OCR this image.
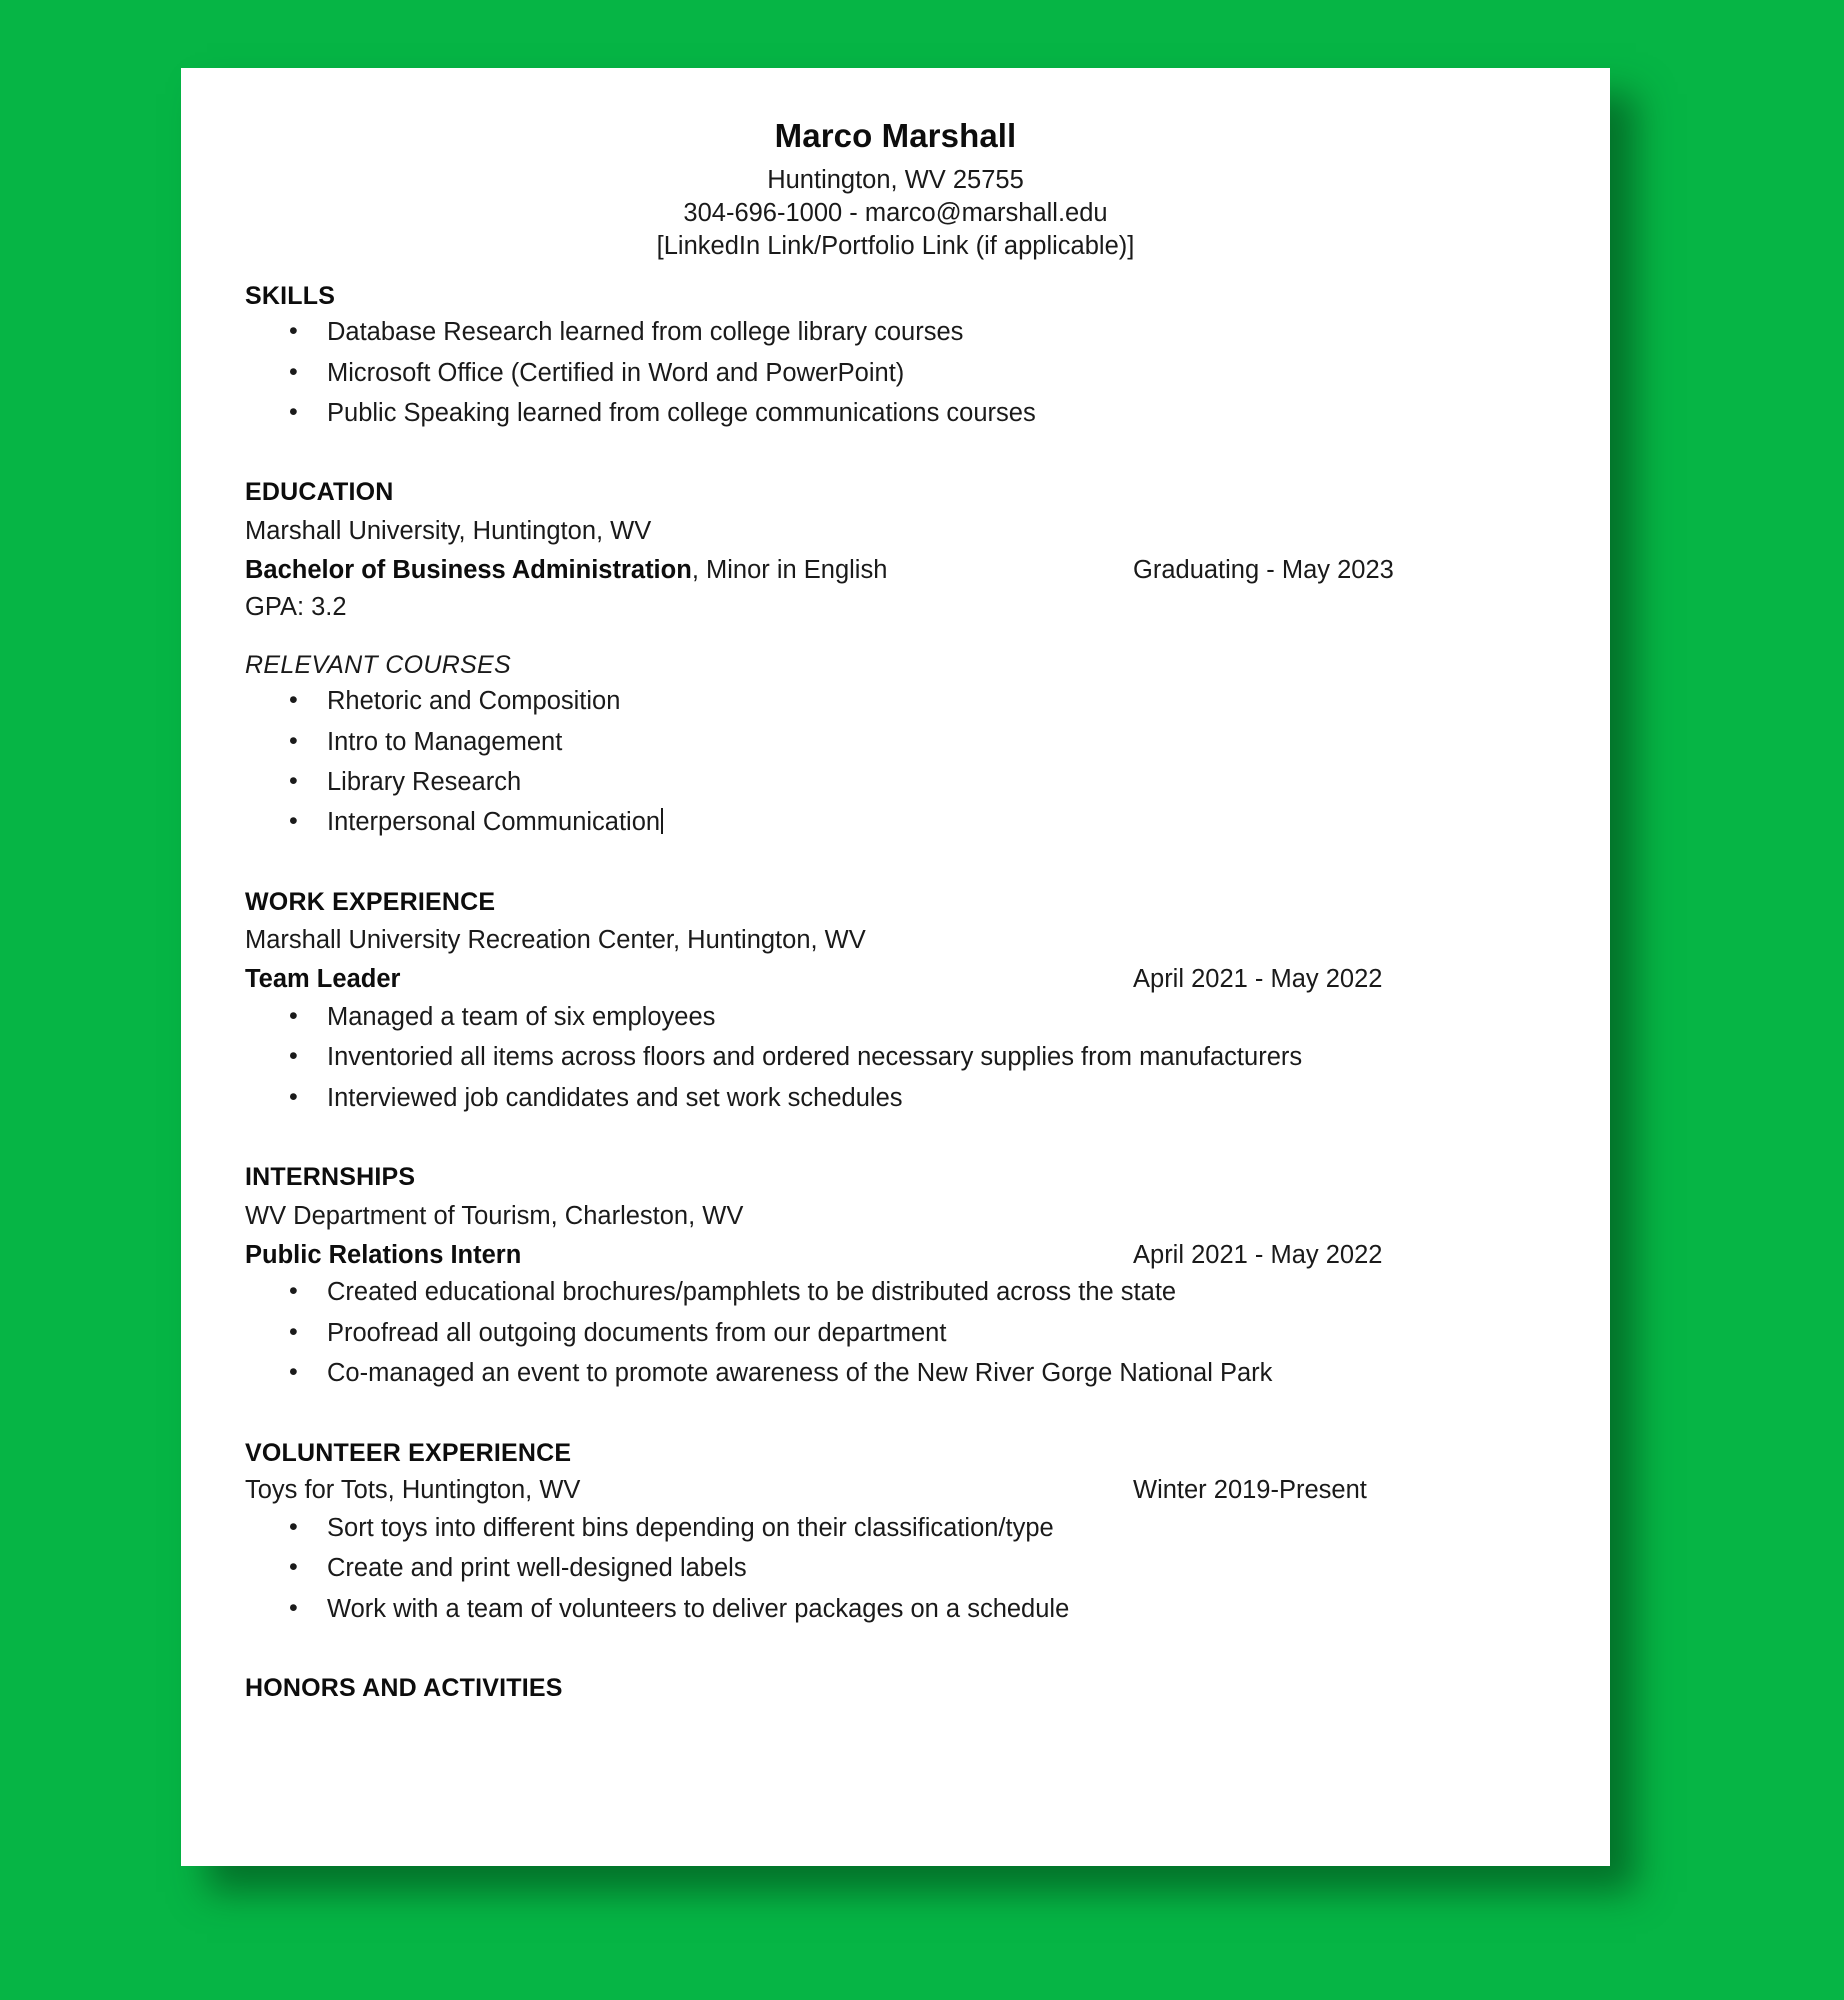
Marco Marshall
Huntington, WV 25755
304-696-1000 - marco@marshall.edu
[LinkedIn Link/Portfolio Link (if applicable)]
SKILLS
• Database Research learned from college library courses
• Microsoft Office (Certified in Word and PowerPoint)
• Public Speaking learned from college communications courses
EDUCATION
Marshall University, Huntington, WV
Bachelor of Business Administration, Minor in English	Graduating - May 2023
GPA: 3.2
RELEVANT COURSES
• Rhetoric and Composition
• Intro to Management
• Library Research
• Interpersonal Communication
WORK EXPERIENCE
Marshall University Recreation Center, Huntington, WV
Team Leader	April 2021 - May 2022
• Managed a team of six employees
• Inventoried all items across floors and ordered necessary supplies from manufacturers
• Interviewed job candidates and set work schedules
INTERNSHIPS
WV Department of Tourism, Charleston, WV
Public Relations Intern	April 2021 - May 2022
• Created educational brochures/pamphlets to be distributed across the state
• Proofread all outgoing documents from our department
• Co-managed an event to promote awareness of the New River Gorge National Park
VOLUNTEER EXPERIENCE
Toys for Tots, Huntington, WV	Winter 2019-Present
• Sort toys into different bins depending on their classification/type
• Create and print well-designed labels
• Work with a team of volunteers to deliver packages on a schedule
HONORS AND ACTIVITIES
